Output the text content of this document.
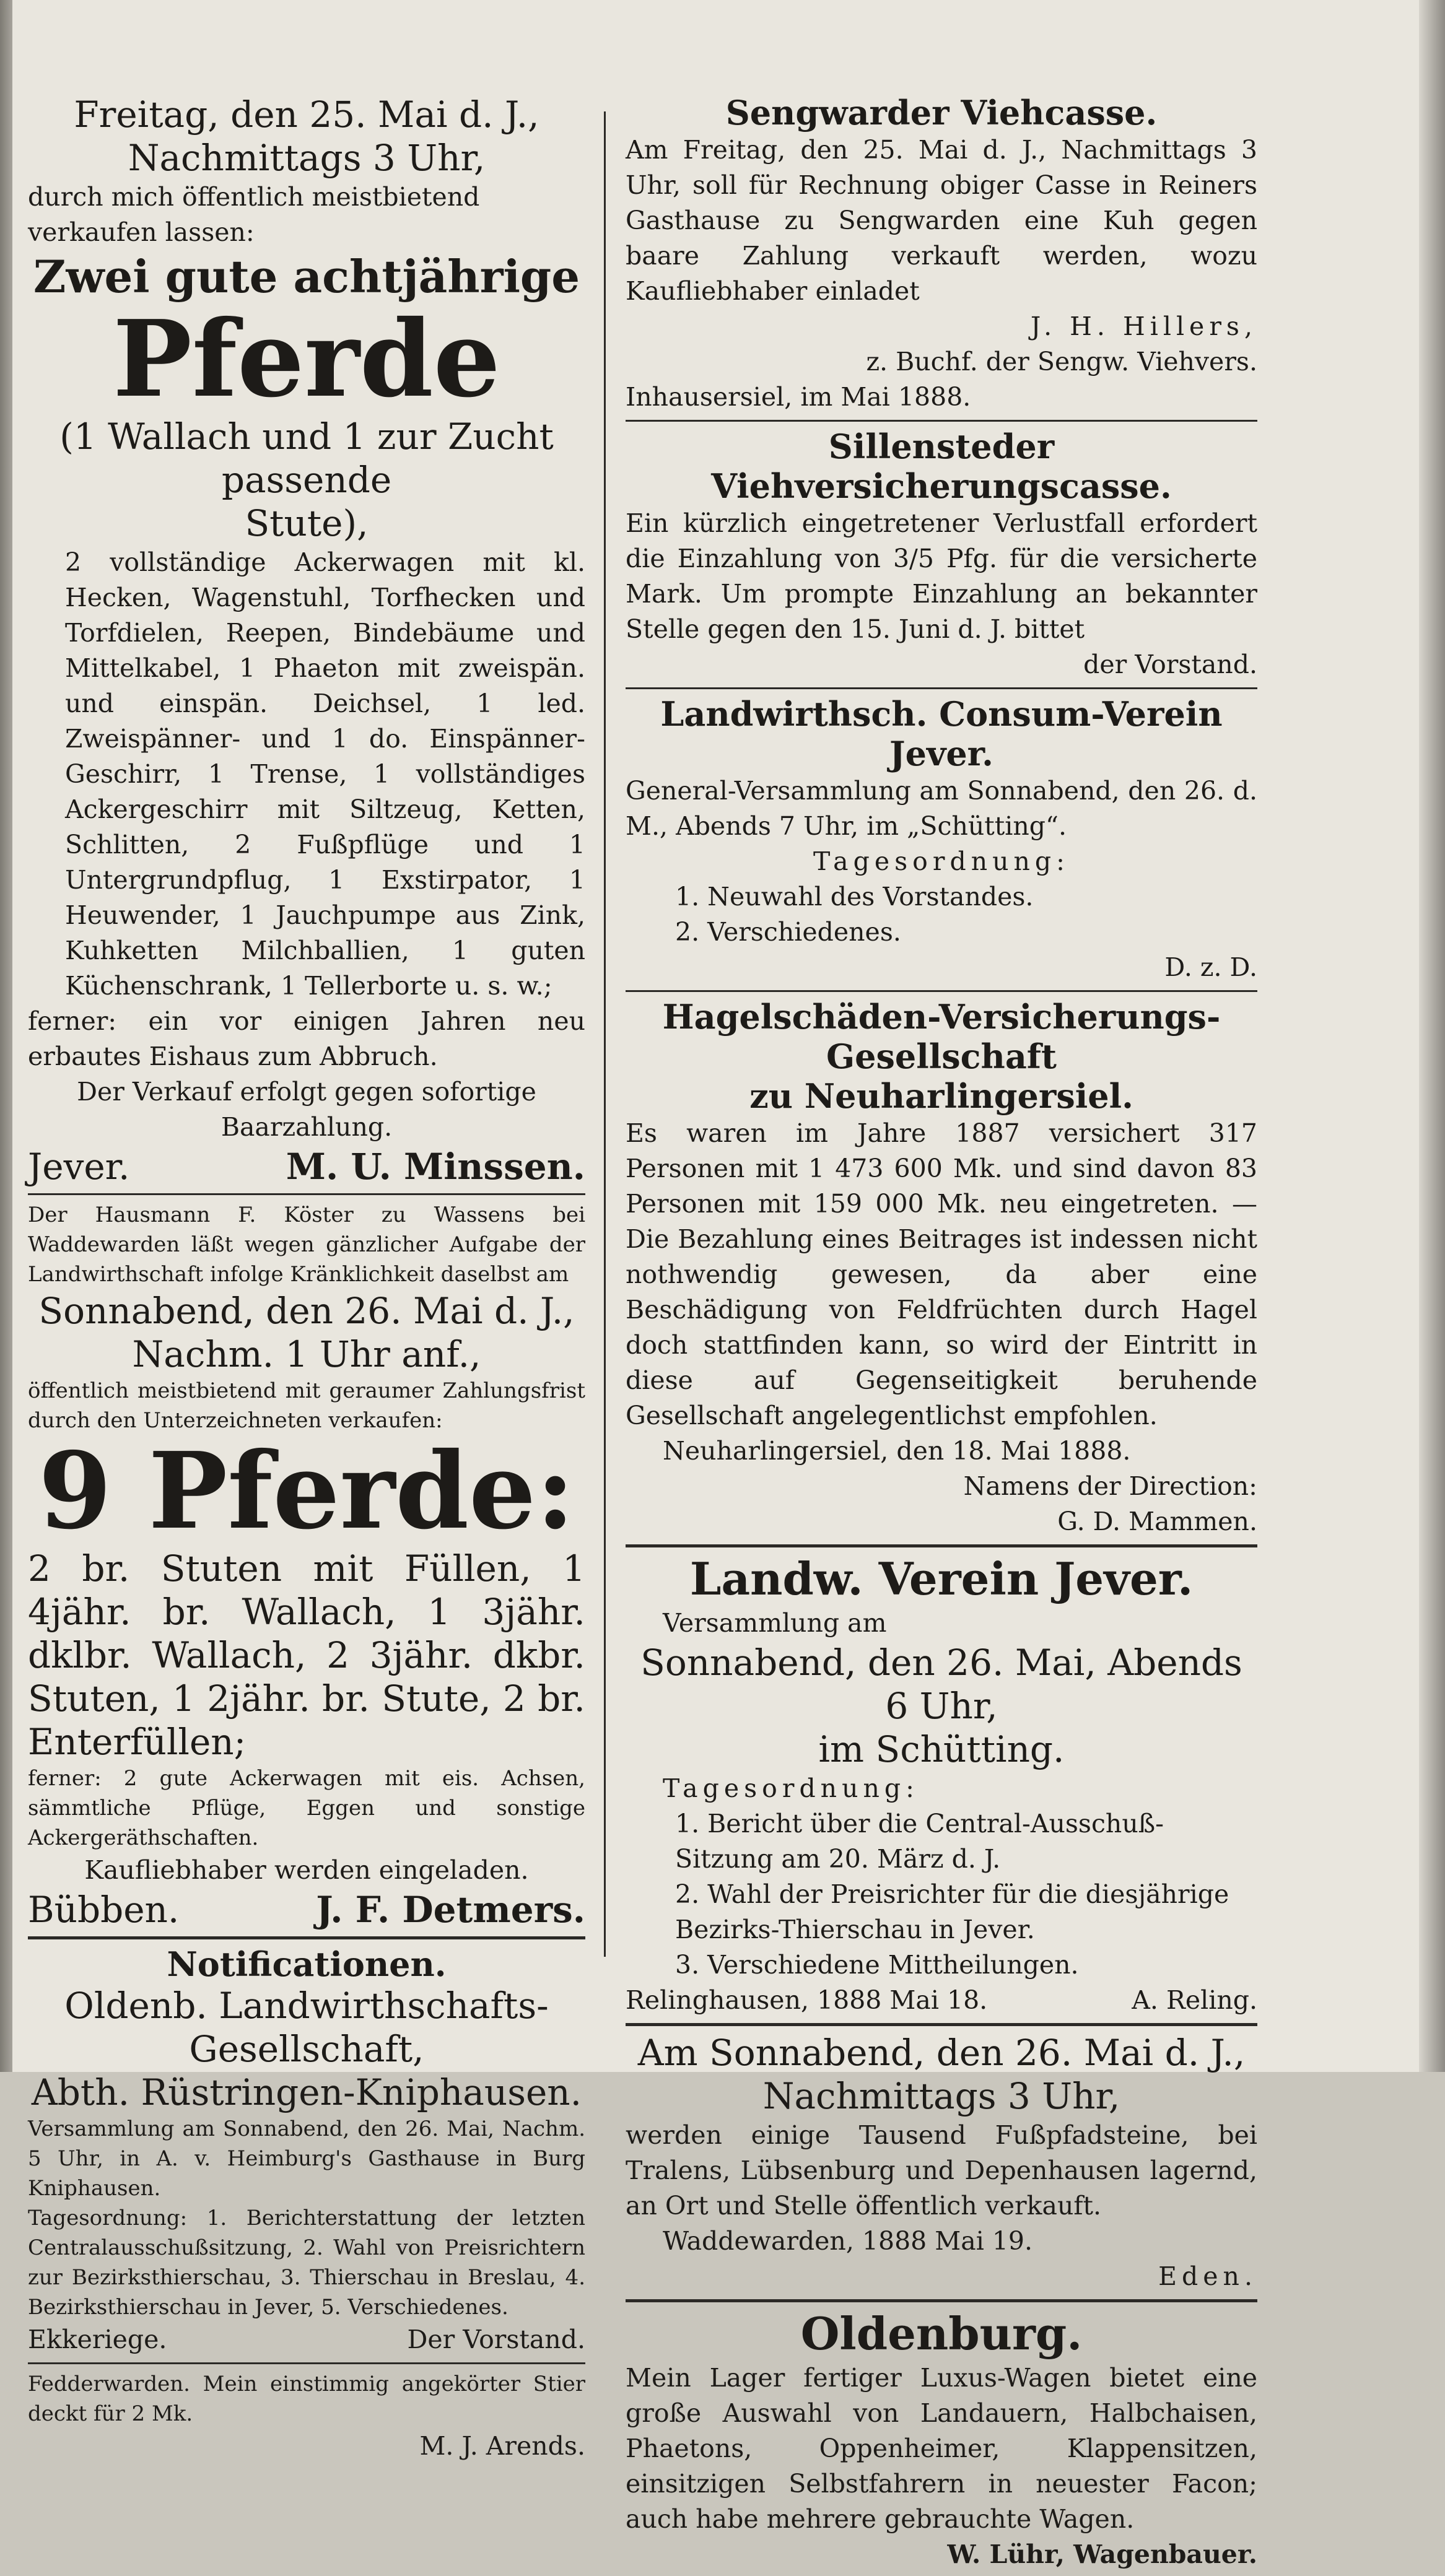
Freitag, den 25. Mai d. J.,

Nachmittags 3 Uhr,

durch mich öffentlich meistbietend verkaufen lassen:

Zwei gute achtjährige

Pferde

(1 Wallach und 1 zur Zucht passende

Stute),

2 vollständige Ackerwagen mit kl. Hecken, Wagenstuhl, Torfhecken und Torfdielen, Reepen, Bindebäume und Mittelkabel, 1 Phaeton mit zweispän. und einspän. Deichsel, 1 led. Zweispänner- und 1 do. Einspänner-Geschirr, 1 Trense, 1 vollständiges Ackergeschirr mit Siltzeug, Ketten, Schlitten, 2 Fußpflüge und 1 Untergrundpflug, 1 Exstirpator, 1 Heuwender, 1 Jauchpumpe aus Zink, Kuhketten Milchballien, 1 guten Küchenschrank, 1 Tellerborte u. s. w.;

ferner: ein vor einigen Jahren neu erbautes Eishaus zum Abbruch.

Der Verkauf erfolgt gegen sofortige Baarzahlung.

Jever.	M. U. Minssen.

Der Hausmann F. Köster zu Wassens bei Waddewarden läßt wegen gänzlicher Aufgabe der Landwirthschaft infolge Kränklichkeit daselbst am

Sonnabend, den 26. Mai d. J.,

Nachm. 1 Uhr anf.,

öffentlich meistbietend mit geraumer Zahlungsfrist durch den Unterzeichneten verkaufen:

9 Pferde:

2 br. Stuten mit Füllen, 1 4jähr. br. Wallach, 1 3jähr. dklbr. Wallach, 2 3jähr. dkbr. Stuten, 1 2jähr. br. Stute, 2 br. Enterfüllen;

ferner: 2 gute Ackerwagen mit eis. Achsen, sämmtliche Pflüge, Eggen und sonstige Ackergeräthschaften.

Kaufliebhaber werden eingeladen.

Bübben.	J. F. Detmers.

Notificationen.

Oldenb. Landwirthschafts-Gesellschaft,

Abth. Rüstringen-Kniphausen.

Versammlung am Sonnabend, den 26. Mai, Nachm. 5 Uhr, in A. v. Heimburg's Gasthause in Burg Kniphausen.

Tagesordnung: 1. Berichterstattung der letzten Centralausschußsitzung, 2. Wahl von Preisrichtern zur Bezirksthierschau, 3. Thierschau in Breslau, 4. Bezirksthierschau in Jever, 5. Verschiedenes.

Ekkeriege.	Der Vorstand.

Fedderwarden. Mein einstimmig angekörter Stier deckt für 2 Mk.

M. J. Arends.

Sengwarder Viehcasse.

Am Freitag, den 25. Mai d. J., Nachmittags 3 Uhr, soll für Rechnung obiger Casse in Reiners Gasthause zu Sengwarden eine Kuh gegen baare Zahlung verkauft werden, wozu Kaufliebhaber einladet

J. H. Hillers,

z. Buchf. der Sengw. Viehvers.

Inhausersiel, im Mai 1888.

Sillensteder Viehversicherungscasse.

Ein kürzlich eingetretener Verlustfall erfordert die Einzahlung von 3/5 Pfg. für die versicherte Mark. Um prompte Einzahlung an bekannter Stelle gegen den 15. Juni d. J. bittet

der Vorstand.

Landwirthsch. Consum-Verein Jever.

General-Versammlung am Sonnabend, den 26. d. M., Abends 7 Uhr, im „Schütting“.

Tagesordnung:

1. Neuwahl des Vorstandes.

2. Verschiedenes.

D. z. D.

Hagelschäden-Versicherungs-Gesellschaft

zu Neuharlingersiel.

Es waren im Jahre 1887 versichert 317 Personen mit 1 473 600 Mk. und sind davon 83 Personen mit 159 000 Mk. neu eingetreten. — Die Bezahlung eines Beitrages ist indessen nicht nothwendig gewesen, da aber eine Beschädigung von Feldfrüchten durch Hagel doch stattfinden kann, so wird der Eintritt in diese auf Gegenseitigkeit beruhende Gesellschaft angelegentlichst empfohlen.

Neuharlingersiel, den 18. Mai 1888.

Namens der Direction:

G. D. Mammen.

Landw. Verein Jever.

Versammlung am

Sonnabend, den 26. Mai, Abends 6 Uhr,

im Schütting.

Tagesordnung:

1. Bericht über die Central-Ausschuß-Sitzung am 20. März d. J.

2. Wahl der Preisrichter für die diesjährige Bezirks-Thierschau in Jever.

3. Verschiedene Mittheilungen.

Relinghausen, 1888 Mai 18.	A. Reling.

Am Sonnabend, den 26. Mai d. J.,

Nachmittags 3 Uhr,

werden einige Tausend Fußpfadsteine, bei Tralens, Lübsenburg und Depenhausen lagernd, an Ort und Stelle öffentlich verkauft.

Waddewarden, 1888 Mai 19.

Eden.

Oldenburg.

Mein Lager fertiger Luxus-Wagen bietet eine große Auswahl von Landauern, Halbchaisen, Phaetons, Oppenheimer, Klappensitzen, einsitzigen Selbstfahrern in neuester Facon; auch habe mehrere gebrauchte Wagen.

W. Lühr, Wagenbauer.
